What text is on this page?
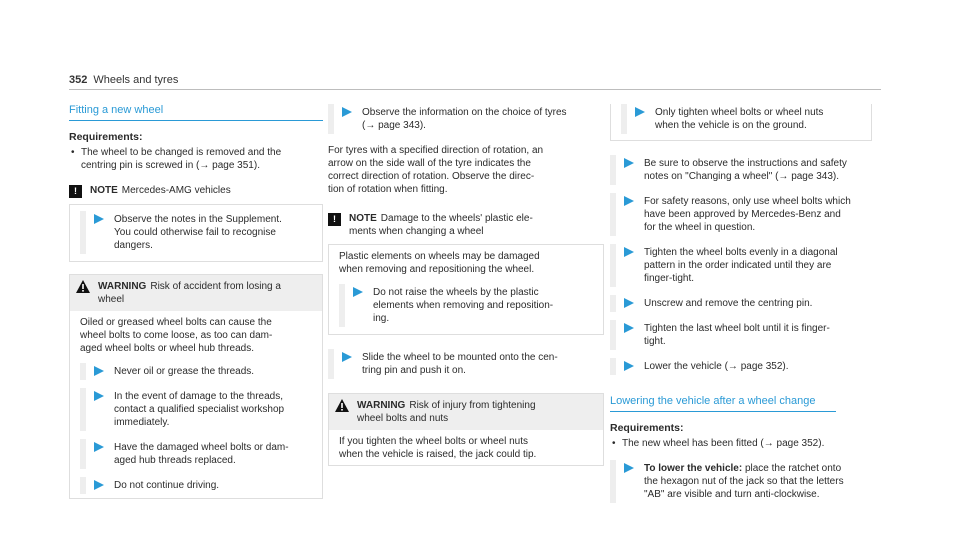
352 Wheels and tyres
Fitting a new wheel
Requirements:
• The wheel to be changed is removed and the
centring pin is screwed in (→ page 351).
!	NOTE Mercedes-AMG vehicles
Observe the notes in the Supplement.
You could otherwise fail to recognise
dangers.
WARNING Risk of accident from losing a
wheel
Oiled or greased wheel bolts can cause the
wheel bolts to come loose, as too can dam-
aged wheel bolts or wheel hub threads.
Never oil or grease the threads.
In the event of damage to the threads,
contact a qualified specialist workshop
immediately.
Have the damaged wheel bolts or dam-
aged hub threads replaced.
Do not continue driving.
Observe the information on the choice of tyres
(→ page 343).
For tyres with a specified direction of rotation, an
arrow on the side wall of the tyre indicates the
correct direction of rotation. Observe the direc-
tion of rotation when fitting.
!	NOTE Damage to the wheels' plastic ele-
ments when changing a wheel
Plastic elements on wheels may be damaged
when removing and repositioning the wheel.
Do not raise the wheels by the plastic
elements when removing and reposition-
ing.
Slide the wheel to be mounted onto the cen-
tring pin and push it on.
WARNING Risk of injury from tightening
wheel bolts and nuts
If you tighten the wheel bolts or wheel nuts
when the vehicle is raised, the jack could tip.
Only tighten wheel bolts or wheel nuts
when the vehicle is on the ground.
Be sure to observe the instructions and safety
notes on "Changing a wheel" (→ page 343).
For safety reasons, only use wheel bolts which
have been approved by Mercedes-Benz and
for the wheel in question.
Tighten the wheel bolts evenly in a diagonal
pattern in the order indicated until they are
finger-tight.
Unscrew and remove the centring pin.
Tighten the last wheel bolt until it is finger-
tight.
Lower the vehicle (→ page 352).
Lowering the vehicle after a wheel change
Requirements:
• The new wheel has been fitted (→ page 352).
To lower the vehicle: place the ratchet onto
the hexagon nut of the jack so that the letters
"AB" are visible and turn anti-clockwise.
